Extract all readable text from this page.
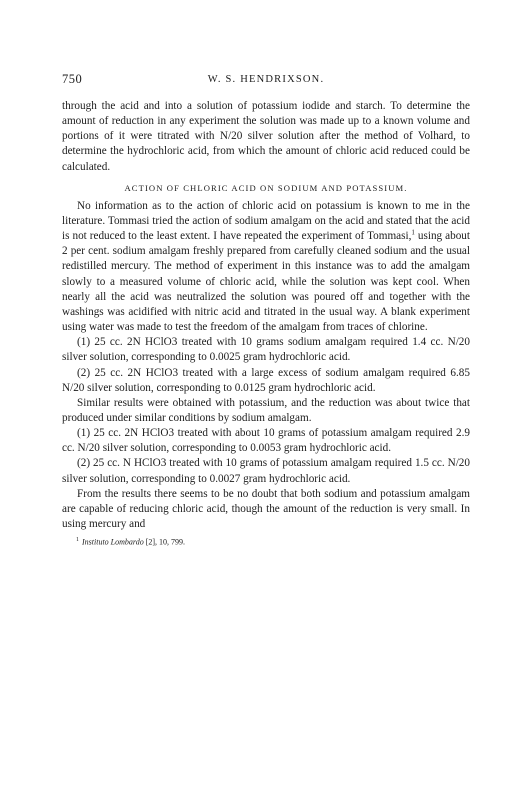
750	W. S. HENDRIXSON.

through the acid and into a solution of potassium iodide and starch. To determine the amount of reduction in any experiment the solution was made up to a known volume and portions of it were titrated with N/20 silver solution after the method of Volhard, to determine the hydrochloric acid, from which the amount of chloric acid reduced could be calculated.

ACTION OF CHLORIC ACID ON SODIUM AND POTASSIUM.

No information as to the action of chloric acid on potassium is known to me in the literature. Tommasi tried the action of sodium amalgam on the acid and stated that the acid is not reduced to the least extent. I have repeated the experiment of Tommasi,$^1$ using about 2 per cent. sodium amalgam freshly prepared from carefully cleaned sodium and the usual redistilled mercury. The method of experiment in this instance was to add the amalgam slowly to a measured volume of chloric acid, while the solution was kept cool. When nearly all the acid was neutralized the solution was poured off and together with the washings was acidified with nitric acid and titrated in the usual way. A blank experiment using water was made to test the freedom of the amalgam from traces of chlorine.

(1) 25 cc. 2N HClO3 treated with 10 grams sodium amalgam required 1.4 cc. N/20 silver solution, corresponding to 0.0025 gram hydrochloric acid.

(2) 25 cc. 2N HClO3 treated with a large excess of sodium amalgam required 6.85 N/20 silver solution, corresponding to 0.0125 gram hydrochloric acid.

Similar results were obtained with potassium, and the reduction was about twice that produced under similar conditions by sodium amalgam.

(1) 25 cc. 2N HClO3 treated with about 10 grams of potassium amalgam required 2.9 cc. N/20 silver solution, corresponding to 0.0053 gram hydrochloric acid.

(2) 25 cc. N HClO3 treated with 10 grams of potassium amalgam required 1.5 cc. N/20 silver solution, corresponding to 0.0027 gram hydrochloric acid.

From the results there seems to be no doubt that both sodium and potassium amalgam are capable of reducing chloric acid, though the amount of the reduction is very small. In using mercury and

$^1$ Instituto Lombardo [2], 10, 799.
